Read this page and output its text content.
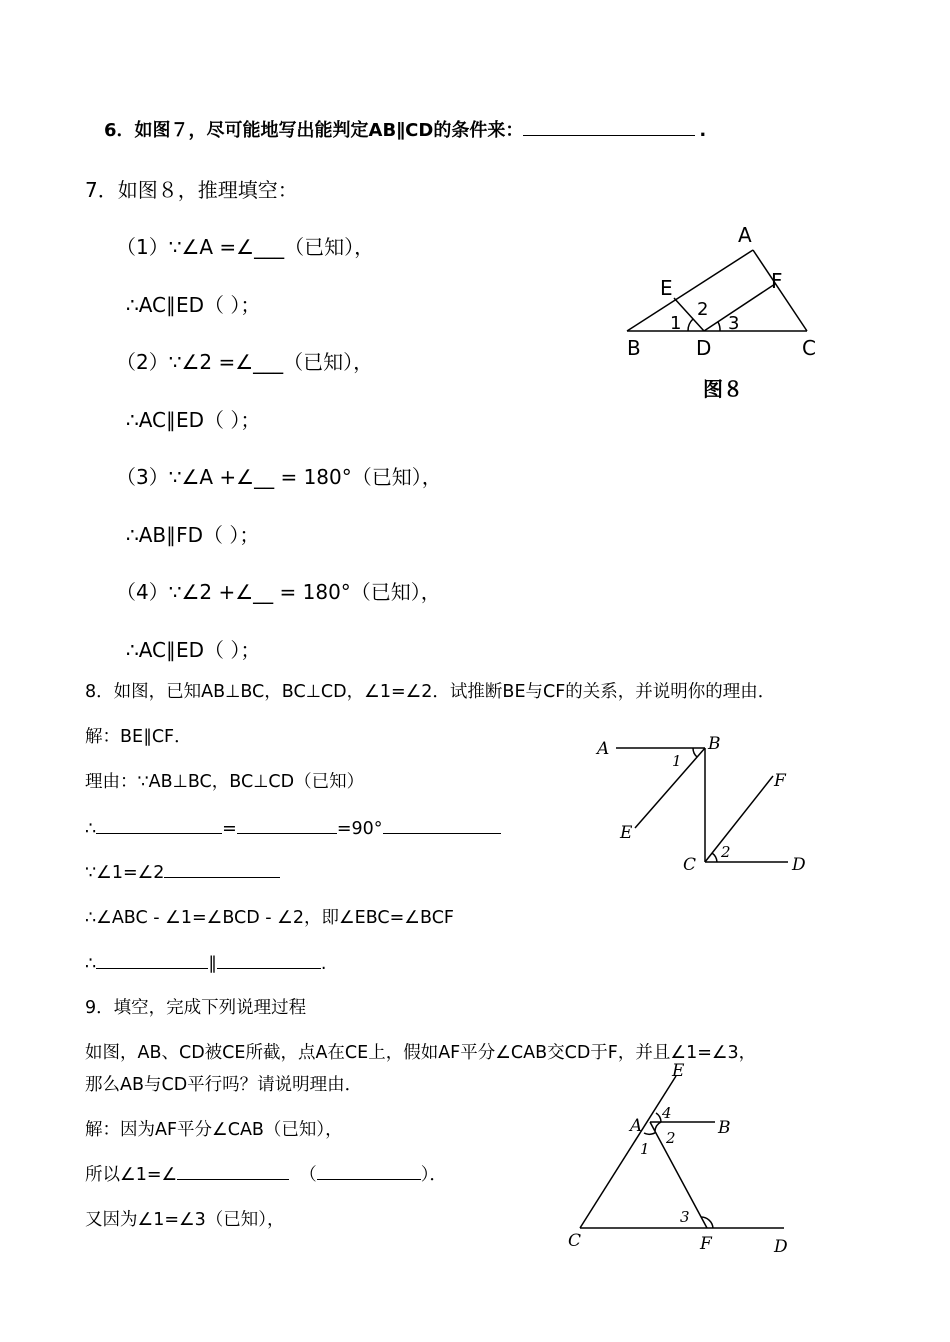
6．如图７，尽可能地写出能判定AB∥CD的条件来：	.
7．如图８，推理填空：
（1）∵∠A =∠___（已知），
∴AC∥ED（ ）；
（2）∵∠2 =∠___（已知），
∴AC∥ED（ ）；
（3）∵∠A +∠__ = 180°（已知），
∴AB∥FD（ ）；
（4）∵∠2 +∠__ = 180°（已知），
∴AC∥ED（ ）；
A
E	F
B	D	C
1
2
3
图８
8．如图，已知AB⊥BC，BC⊥CD，∠1=∠2．试推断BE与CF的关系，并说明你的理由．
解：BE∥CF．
理由：∵AB⊥BC，BC⊥CD（已知）
∴	=	=90°
∵∠1=∠2
∴∠ABC - ∠1=∠BCD - ∠2，即∠EBC=∠BCF
∴	∥	.
A	B
E
F
C	D
1
2
9．填空，完成下列说理过程
如图，AB、CD被CE所截，点A在CE上，假如AF平分∠CAB交CD于F，并且∠1=∠3，
那么AB与CD平行吗？请说明理由．
解：因为AF平分∠CAB（已知），
所以∠1=∠	（	）．
又因为∠1=∠3（已知），
E
A	B
C	F	D
1
2
3
4
